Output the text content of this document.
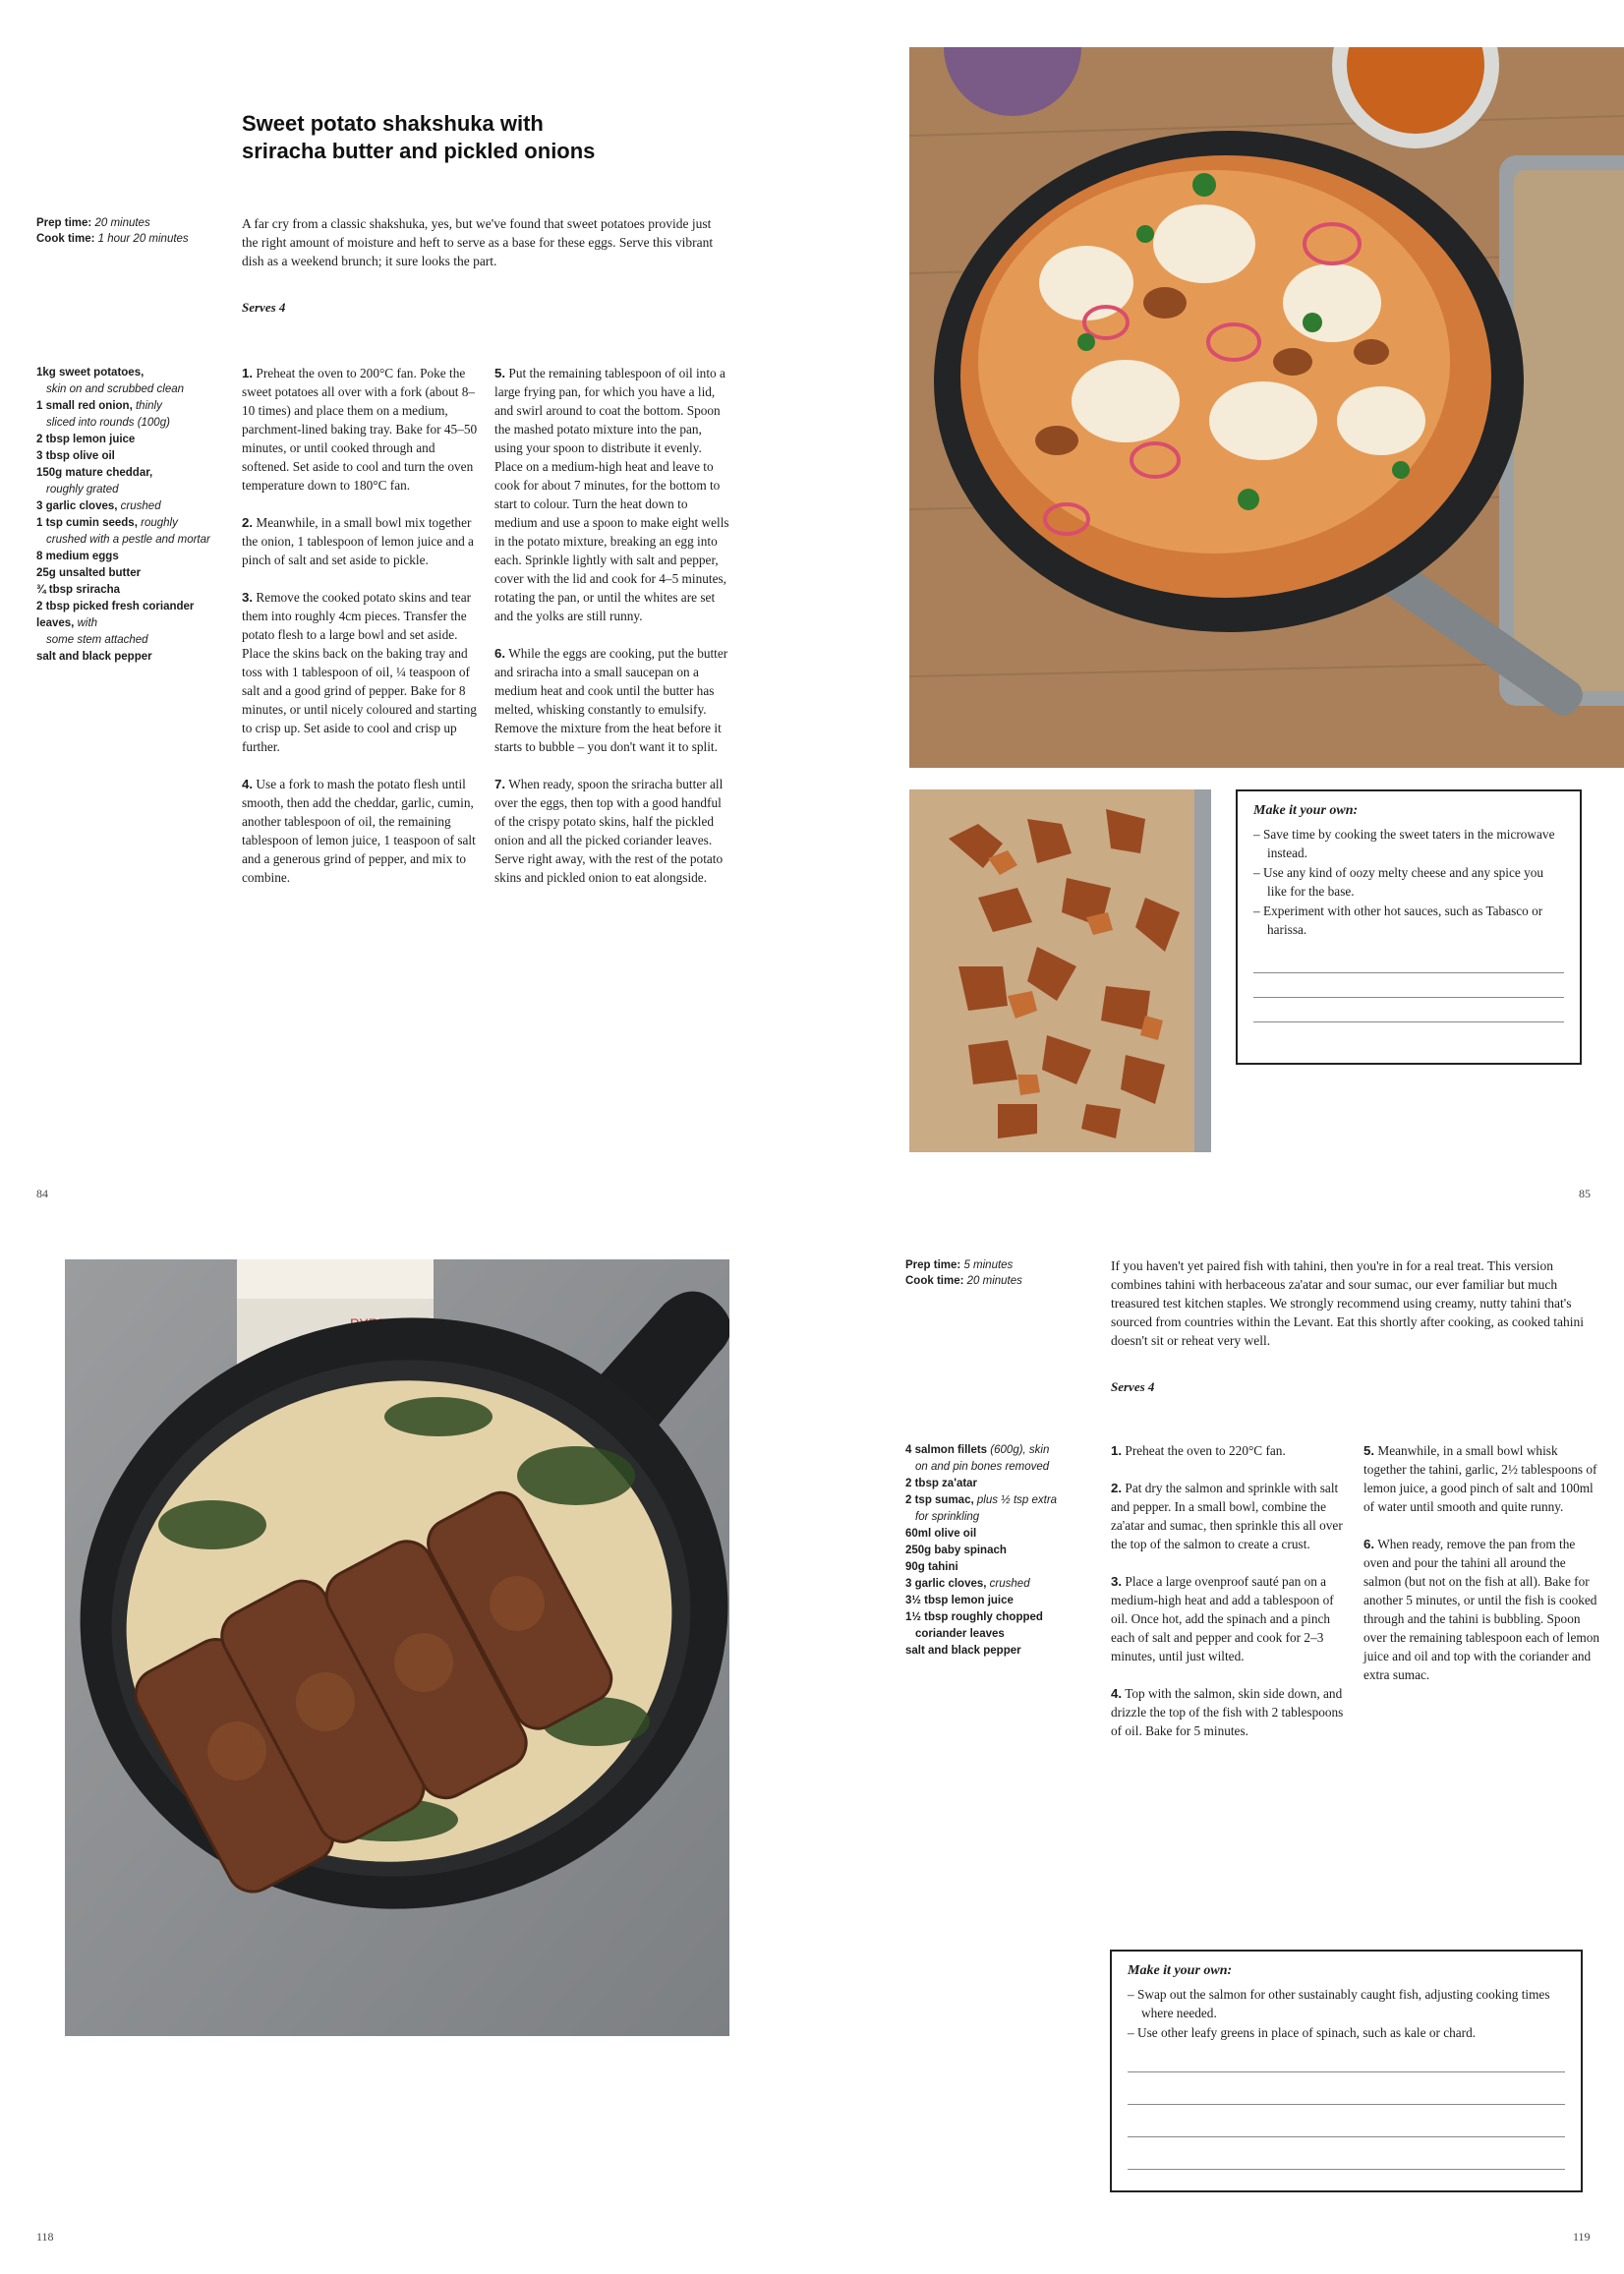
Sweet potato shakshuka with
sriracha butter and pickled onions
Prep time: 20 minutes
Cook time: 1 hour 20 minutes
A far cry from a classic shakshuka, yes, but we've found that sweet potatoes provide just the right amount of moisture and heft to serve as a base for these eggs. Serve this vibrant dish as a weekend brunch; it sure looks the part.
Serves 4
1kg sweet potatoes,
skin on and scrubbed clean
1 small red onion, thinly
sliced into rounds (100g)
2 tbsp lemon juice
3 tbsp olive oil
150g mature cheddar,
roughly grated
3 garlic cloves, crushed
1 tsp cumin seeds, roughly
crushed with a pestle and mortar
8 medium eggs
25g unsalted butter
¾ tbsp sriracha
2 tbsp picked fresh coriander leaves, with
some stem attached
salt and black pepper

1. Preheat the oven to 200°C fan. Poke the sweet potatoes all over with a fork (about 8–10 times) and place them on a medium, parchment-lined baking tray. Bake for 45–50 minutes, or until cooked through and softened. Set aside to cool and turn the oven temperature down to 180°C fan.

2. Meanwhile, in a small bowl mix together the onion, 1 tablespoon of lemon juice and a pinch of salt and set aside to pickle.

3. Remove the cooked potato skins and tear them into roughly 4cm pieces. Transfer the potato flesh to a large bowl and set aside. Place the skins back on the baking tray and toss with 1 tablespoon of oil, ¼ teaspoon of salt and a good grind of pepper. Bake for 8 minutes, or until nicely coloured and starting to crisp up. Set aside to cool and crisp up further.

4. Use a fork to mash the potato flesh until smooth, then add the cheddar, garlic, cumin, another tablespoon of oil, the remaining tablespoon of lemon juice, 1 teaspoon of salt and a generous grind of pepper, and mix to combine.

5. Put the remaining tablespoon of oil into a large frying pan, for which you have a lid, and swirl around to coat the bottom. Spoon the mashed potato mixture into the pan, using your spoon to distribute it evenly. Place on a medium-high heat and leave to cook for about 7 minutes, for the bottom to start to colour. Turn the heat down to medium and use a spoon to make eight wells in the potato mixture, breaking an egg into each. Sprinkle lightly with salt and pepper, cover with the lid and cook for 4–5 minutes, rotating the pan, or until the whites are set and the yolks are still runny.

6. While the eggs are cooking, put the butter and sriracha into a small saucepan on a medium heat and cook until the butter has melted, whisking constantly to emulsify. Remove the mixture from the heat before it starts to bubble – you don't want it to split.

7. When ready, spoon the sriracha butter all over the eggs, then top with a good handful of the crispy potato skins, half the pickled onion and all the picked coriander leaves. Serve right away, with the rest of the potato skins and pickled onion to eat alongside.

Make it your own:
– Save time by cooking the sweet taters in the microwave instead.
– Use any kind of oozy melty cheese and any spice you like for the base.
– Experiment with other hot sauces, such as Tabasco or harissa.
84	85
Prep time: 5 minutes
Cook time: 20 minutes
If you haven't yet paired fish with tahini, then you're in for a real treat. This version combines tahini with herbaceous za'atar and sour sumac, our ever familiar but much treasured test kitchen staples. We strongly recommend using creamy, nutty tahini that's sourced from countries within the Levant. Eat this shortly after cooking, as cooked tahini doesn't sit or reheat very well.
Serves 4
4 salmon fillets (600g), skin
on and pin bones removed
2 tbsp za'atar
2 tsp sumac, plus ½ tsp extra
for sprinkling
60ml olive oil
250g baby spinach
90g tahini
3 garlic cloves, crushed
3½ tbsp lemon juice
1½ tbsp roughly chopped
coriander leaves
salt and black pepper

1. Preheat the oven to 220°C fan.

2. Pat dry the salmon and sprinkle with salt and pepper. In a small bowl, combine the za'atar and sumac, then sprinkle this all over the top of the salmon to create a crust.

3. Place a large ovenproof sauté pan on a medium-high heat and add a tablespoon of oil. Once hot, add the spinach and a pinch each of salt and pepper and cook for 2–3 minutes, until just wilted.

4. Top with the salmon, skin side down, and drizzle the top of the fish with 2 tablespoons of oil. Bake for 5 minutes.

5. Meanwhile, in a small bowl whisk together the tahini, garlic, 2½ tablespoons of lemon juice, a good pinch of salt and 100ml of water until smooth and quite runny.

6. When ready, remove the pan from the oven and pour the tahini all around the salmon (but not on the fish at all). Bake for another 5 minutes, or until the fish is cooked through and the tahini is bubbling. Spoon over the remaining tablespoon each of lemon juice and oil and top with the coriander and extra sumac.

Make it your own:
– Swap out the salmon for other sustainably caught fish, adjusting cooking times where needed.
– Use other leafy greens in place of spinach, such as kale or chard.
118	119
